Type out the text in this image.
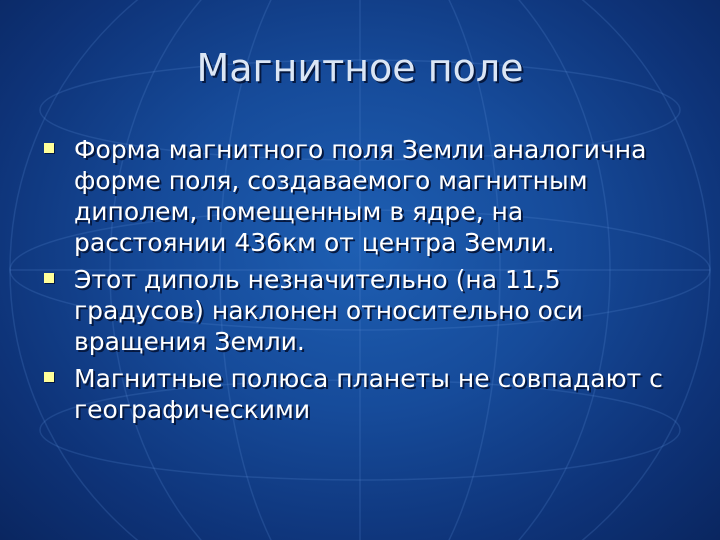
Магнитное поле
Форма магнитного поля Земли аналогична форме поля, создаваемого магнитным диполем, помещенным в ядре, на расстоянии 436км от центра Земли.
Этот диполь незначительно (на 11,5 градусов) наклонен относительно оси вращения Земли.
Магнитные полюса планеты не совпадают с географическими
